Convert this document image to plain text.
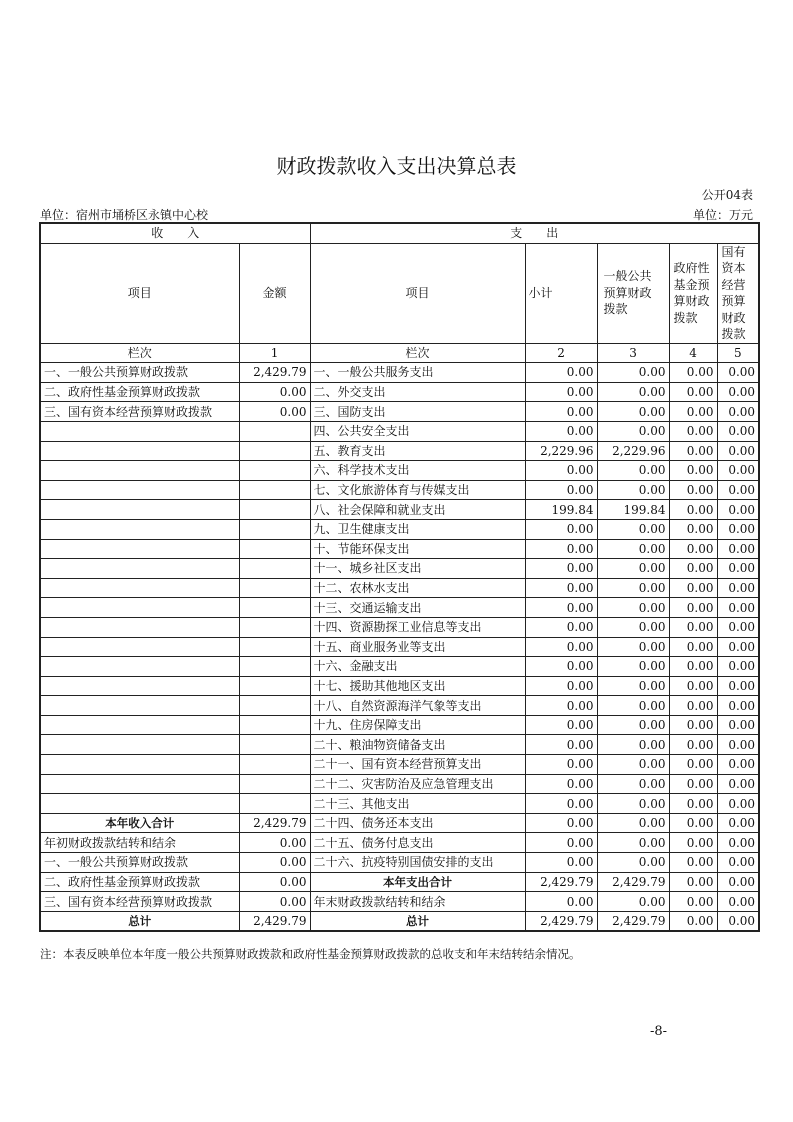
财政拨款收入支出决算总表
公开04表
单位：宿州市埇桥区永镇中心校	单位：万元
收　　入		支　　出				
项目	金额	项目	小计	一般公共预算财政拨款	政府性基金预算财政拨款	国有资本经营预算财政拨款
栏次	1	栏次	2	3	4	5
一、一般公共预算财政拨款	2,429.79	一、一般公共服务支出	0.00	0.00	0.00	0.00
二、政府性基金预算财政拨款	0.00	二、外交支出	0.00	0.00	0.00	0.00
三、国有资本经营预算财政拨款	0.00	三、国防支出	0.00	0.00	0.00	0.00
		四、公共安全支出	0.00	0.00	0.00	0.00
		五、教育支出	2,229.96	2,229.96	0.00	0.00
		六、科学技术支出	0.00	0.00	0.00	0.00
		七、文化旅游体育与传媒支出	0.00	0.00	0.00	0.00
		八、社会保障和就业支出	199.84	199.84	0.00	0.00
		九、卫生健康支出	0.00	0.00	0.00	0.00
		十、节能环保支出	0.00	0.00	0.00	0.00
		十一、城乡社区支出	0.00	0.00	0.00	0.00
		十二、农林水支出	0.00	0.00	0.00	0.00
		十三、交通运输支出	0.00	0.00	0.00	0.00
		十四、资源勘探工业信息等支出	0.00	0.00	0.00	0.00
		十五、商业服务业等支出	0.00	0.00	0.00	0.00
		十六、金融支出	0.00	0.00	0.00	0.00
		十七、援助其他地区支出	0.00	0.00	0.00	0.00
		十八、自然资源海洋气象等支出	0.00	0.00	0.00	0.00
		十九、住房保障支出	0.00	0.00	0.00	0.00
		二十、粮油物资储备支出	0.00	0.00	0.00	0.00
		二十一、国有资本经营预算支出	0.00	0.00	0.00	0.00
		二十二、灾害防治及应急管理支出	0.00	0.00	0.00	0.00
		二十三、其他支出	0.00	0.00	0.00	0.00
本年收入合计	2,429.79	二十四、债务还本支出	0.00	0.00	0.00	0.00
年初财政拨款结转和结余	0.00	二十五、债务付息支出	0.00	0.00	0.00	0.00
一、一般公共预算财政拨款	0.00	二十六、抗疫特别国债安排的支出	0.00	0.00	0.00	0.00
二、政府性基金预算财政拨款	0.00	本年支出合计	2,429.79	2,429.79	0.00	0.00
三、国有资本经营预算财政拨款	0.00	年末财政拨款结转和结余	0.00	0.00	0.00	0.00
总计	2,429.79	总计	2,429.79	2,429.79	0.00	0.00
注：本表反映单位本年度一般公共预算财政拨款和政府性基金预算财政拨款的总收支和年末结转结余情况。
-8-
